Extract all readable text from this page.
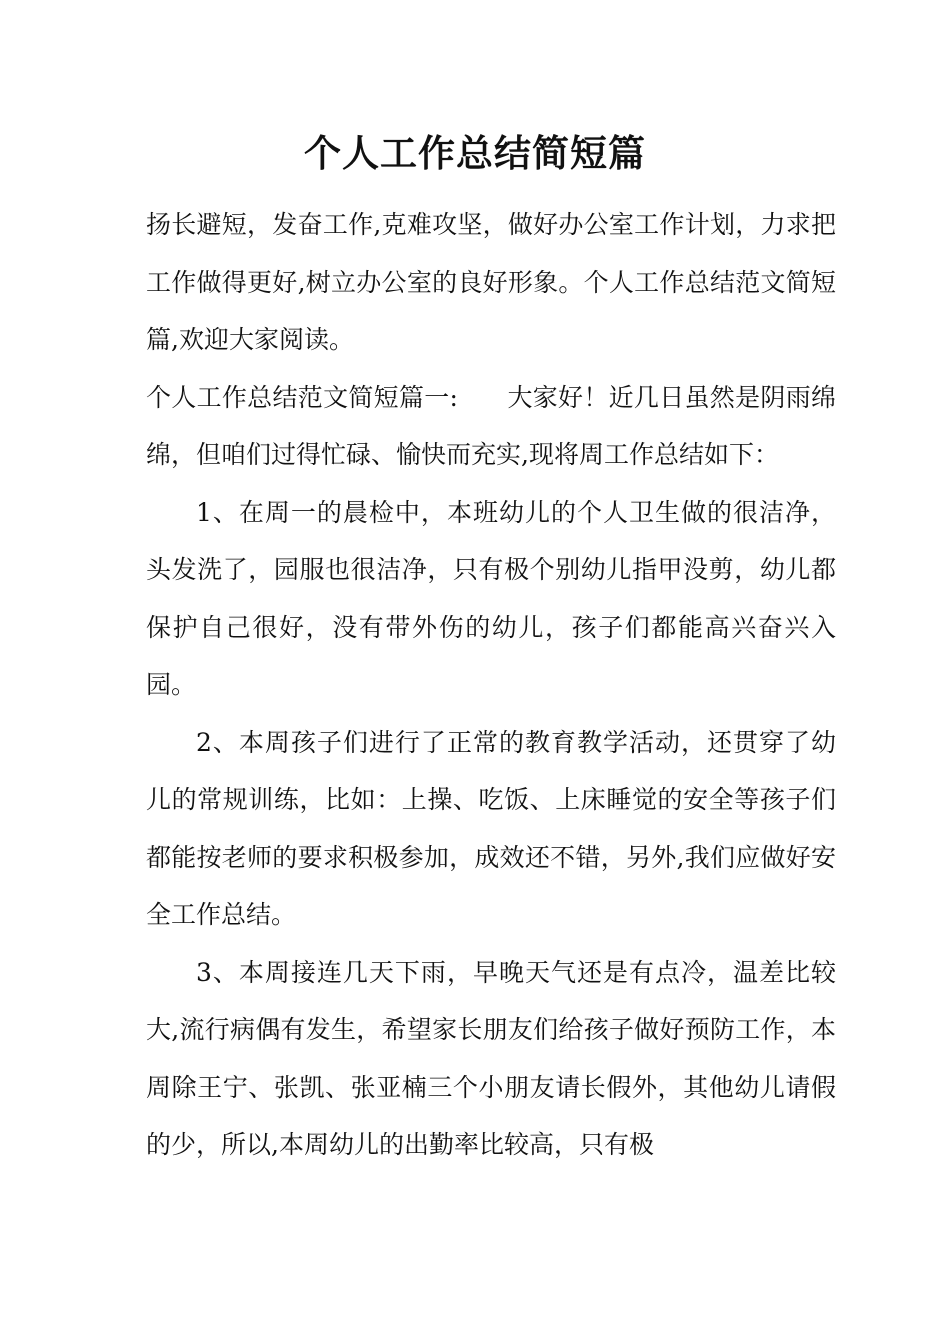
个人工作总结简短篇

扬长避短，发奋工作,克难攻坚，做好办公室工作计划，力求把工作做得更好,树立办公室的良好形象。个人工作总结范文简短篇,欢迎大家阅读。

个人工作总结范文简短篇一:      大家好！近几日虽然是阴雨绵绵，但咱们过得忙碌、愉快而充实,现将周工作总结如下：

1、在周一的晨检中，本班幼儿的个人卫生做的很洁净，头发洗了，园服也很洁净，只有极个别幼儿指甲没剪，幼儿都保护自己很好，没有带外伤的幼儿，孩子们都能高兴奋兴入园。

2、本周孩子们进行了正常的教育教学活动，还贯穿了幼儿的常规训练，比如：上操、吃饭、上床睡觉的安全等孩子们都能按老师的要求积极参加，成效还不错，另外,我们应做好安全工作总结。

3、本周接连几天下雨，早晚天气还是有点冷，温差比较大,流行病偶有发生，希望家长朋友们给孩子做好预防工作，本周除王宁、张凯、张亚楠三个小朋友请长假外，其他幼儿请假的少，所以,本周幼儿的出勤率比较高，只有极
